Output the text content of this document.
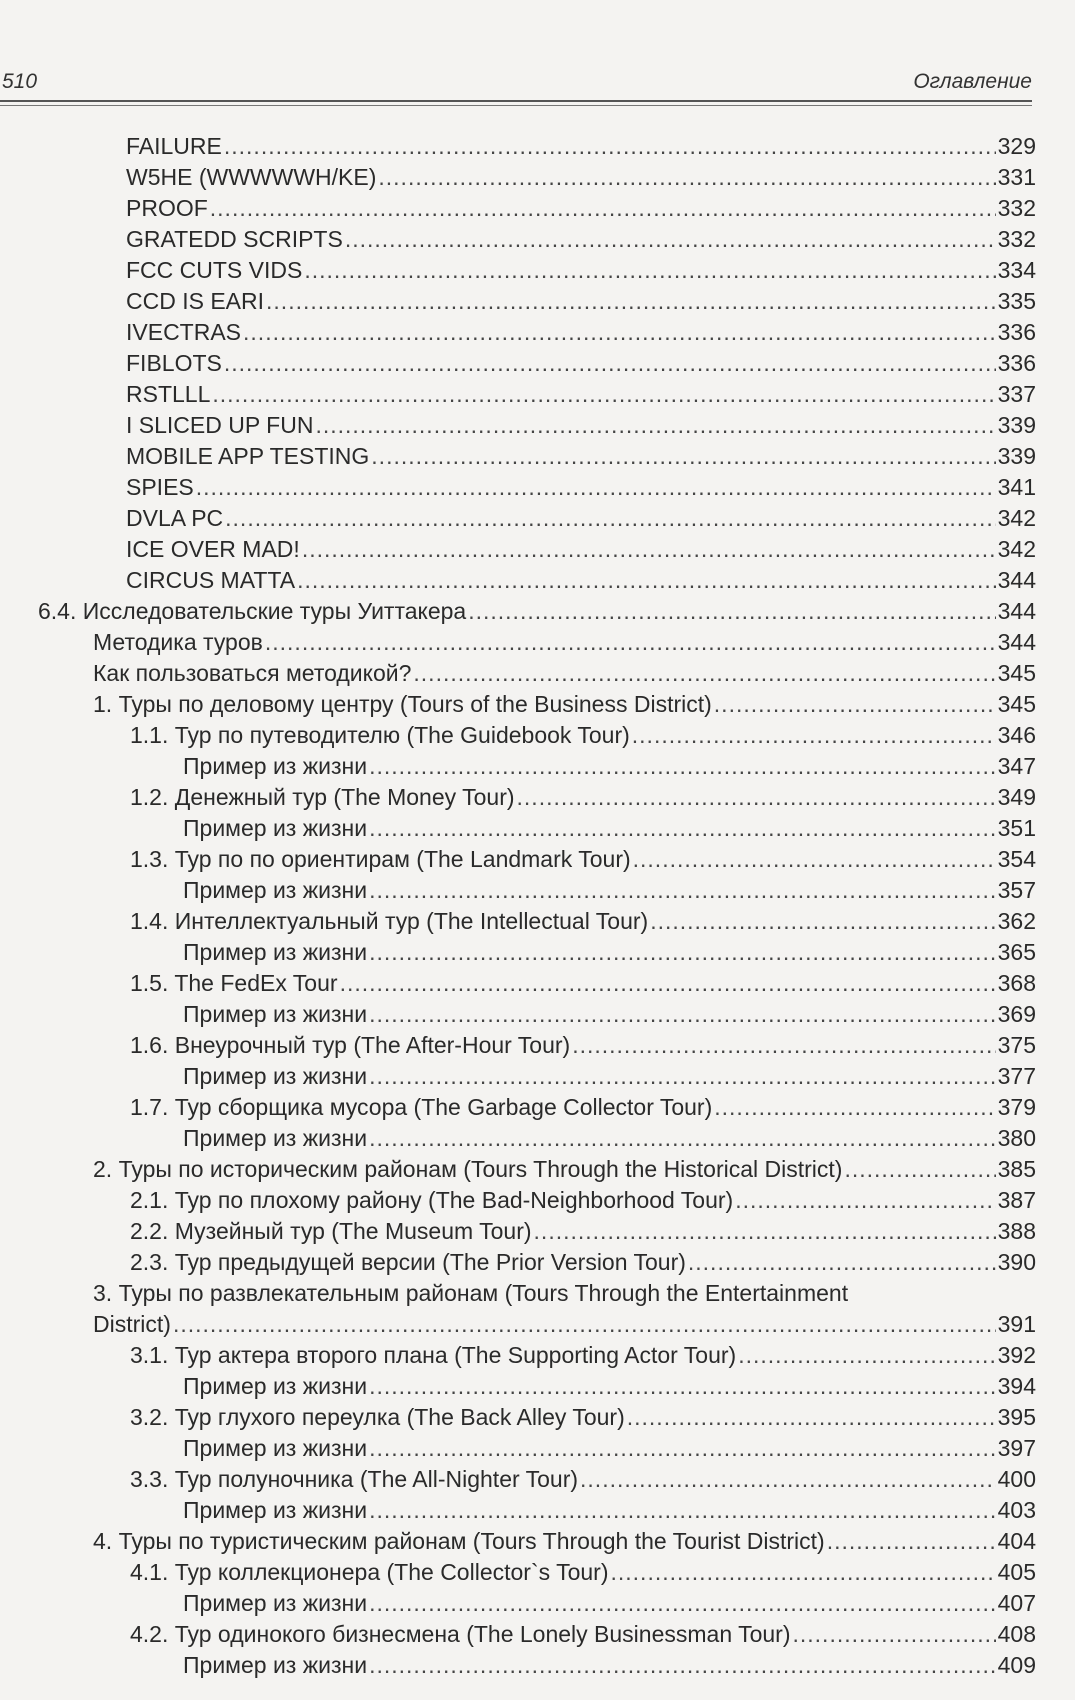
510	Оглавление
FAILURE .....	329
W5HE (WWWWWH/KE) .....	331
PROOF .....	332
GRATEDD SCRIPTS .....	332
FCC CUTS VIDS .....	334
CCD IS EARI .....	335
IVECTRAS .....	336
FIBLOTS .....	336
RSTLLL .....	337
I SLICED UP FUN .....	339
MOBILE APP TESTING .....	339
SPIES .....	341
DVLA PC .....	342
ICE OVER MAD! .....	342
CIRCUS MATTA .....	344
6.4. Исследовательские туры Уиттакера .....	344
Методика туров .....	344
Как пользоваться методикой? .....	345
1. Туры по деловому центру (Tours of the Business District) .....	345
1.1. Тур по путеводителю (The Guidebook Tour) .....	346
Пример из жизни .....	347
1.2. Денежный тур (The Money Tour) .....	349
Пример из жизни .....	351
1.3. Тур по по ориентирам (The Landmark Tour) .....	354
Пример из жизни .....	357
1.4. Интеллектуальный тур (The Intellectual Tour) .....	362
Пример из жизни .....	365
1.5. The FedEx Tour .....	368
Пример из жизни .....	369
1.6. Внеурочный тур (The After-Hour Tour) .....	375
Пример из жизни .....	377
1.7. Тур сборщика мусора (The Garbage Collector Tour) .....	379
Пример из жизни .....	380
2. Туры по историческим районам (Tours Through the Historical District) .....	385
2.1. Тур по плохому району (The Bad-Neighborhood Tour) .....	387
2.2. Музейный тур (The Museum Tour) .....	388
2.3. Тур предыдущей версии (The Prior Version Tour) .....	390
3. Туры по развлекательным районам (Tours Through the Entertainment
District) .....	391
3.1. Тур актера второго плана (The Supporting Actor Tour) .....	392
Пример из жизни .....	394
3.2. Тур глухого переулка (The Back Alley Tour) .....	395
Пример из жизни .....	397
3.3. Тур полуночника (The All-Nighter Tour) .....	400
Пример из жизни .....	403
4. Туры по туристическим районам (Tours Through the Tourist District) .....	404
4.1. Тур коллекционера (The Collector`s Tour) .....	405
Пример из жизни .....	407
4.2. Тур одинокого бизнесмена (The Lonely Businessman Tour) .....	408
Пример из жизни .....	409
